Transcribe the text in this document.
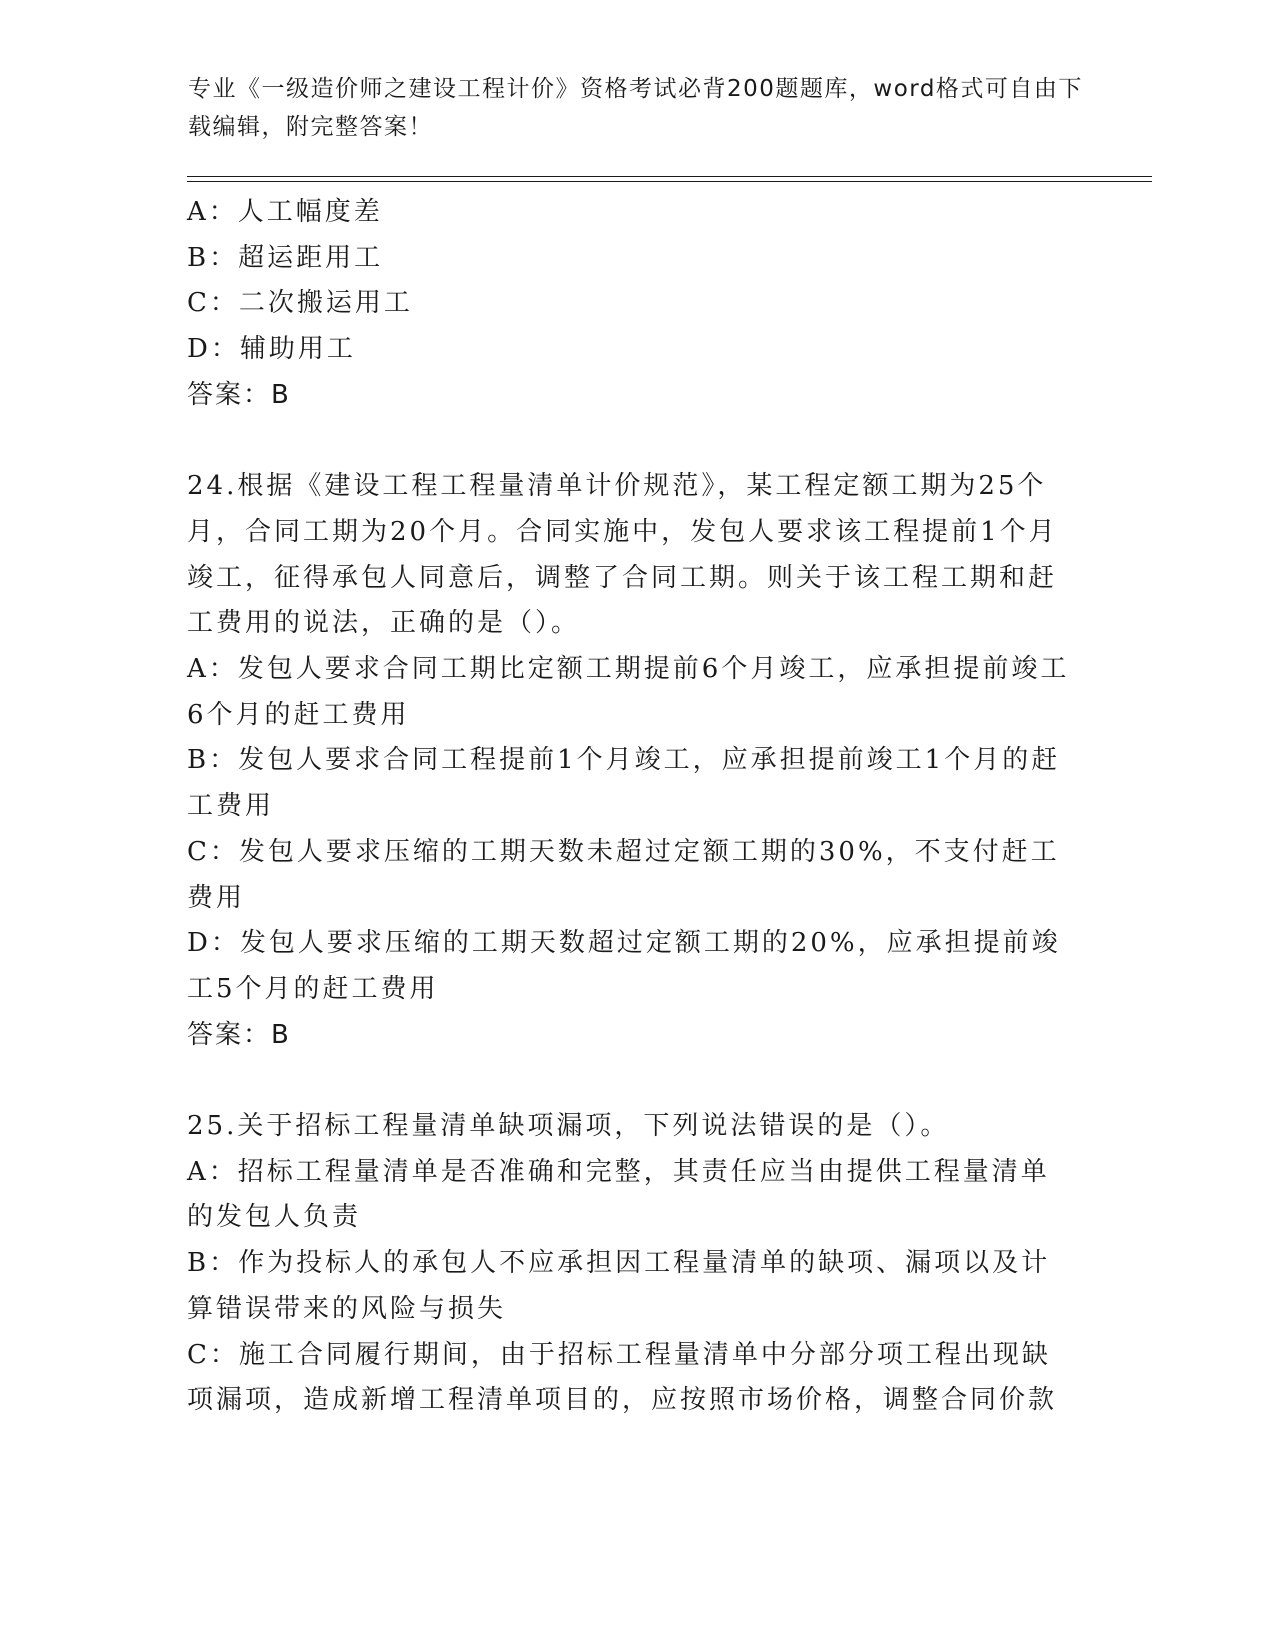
专业《一级造价师之建设工程计价》资格考试必背200题题库，word格式可自由下载编辑，附完整答案！
A：人工幅度差
B：超运距用工
C：二次搬运用工
D：辅助用工
答案：B
24.根据《建设工程工程量清单计价规范》，某工程定额工期为25个月，合同工期为20个月。合同实施中，发包人要求该工程提前1个月竣工，征得承包人同意后，调整了合同工期。则关于该工程工期和赶工费用的说法，正确的是（）。
A：发包人要求合同工期比定额工期提前6个月竣工，应承担提前竣工6个月的赶工费用
B：发包人要求合同工程提前1个月竣工，应承担提前竣工1个月的赶工费用
C：发包人要求压缩的工期天数未超过定额工期的30%，不支付赶工费用
D：发包人要求压缩的工期天数超过定额工期的20%，应承担提前竣工5个月的赶工费用
答案：B
25.关于招标工程量清单缺项漏项，下列说法错误的是（）。
A：招标工程量清单是否准确和完整，其责任应当由提供工程量清单的发包人负责
B：作为投标人的承包人不应承担因工程量清单的缺项、漏项以及计算错误带来的风险与损失
C：施工合同履行期间，由于招标工程量清单中分部分项工程出现缺项漏项，造成新增工程清单项目的，应按照市场价格，调整合同价款
